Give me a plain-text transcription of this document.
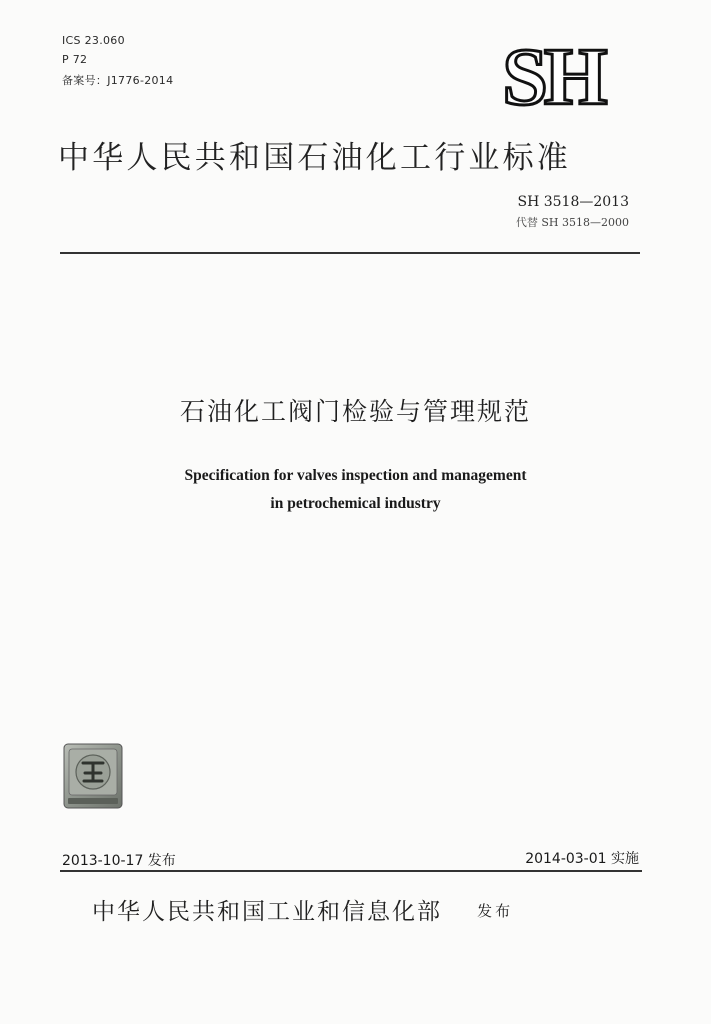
ICS 23.060
P 72
备案号：J1776-2014	SH
中华人民共和国石油化工行业标准
SH 3518—2013
代替 SH 3518—2000
石油化工阀门检验与管理规范
Specification for valves inspection and management
in petrochemical industry
2013-10-17 发布	2014-03-01 实施
中华人民共和国工业和信息化部 发布
